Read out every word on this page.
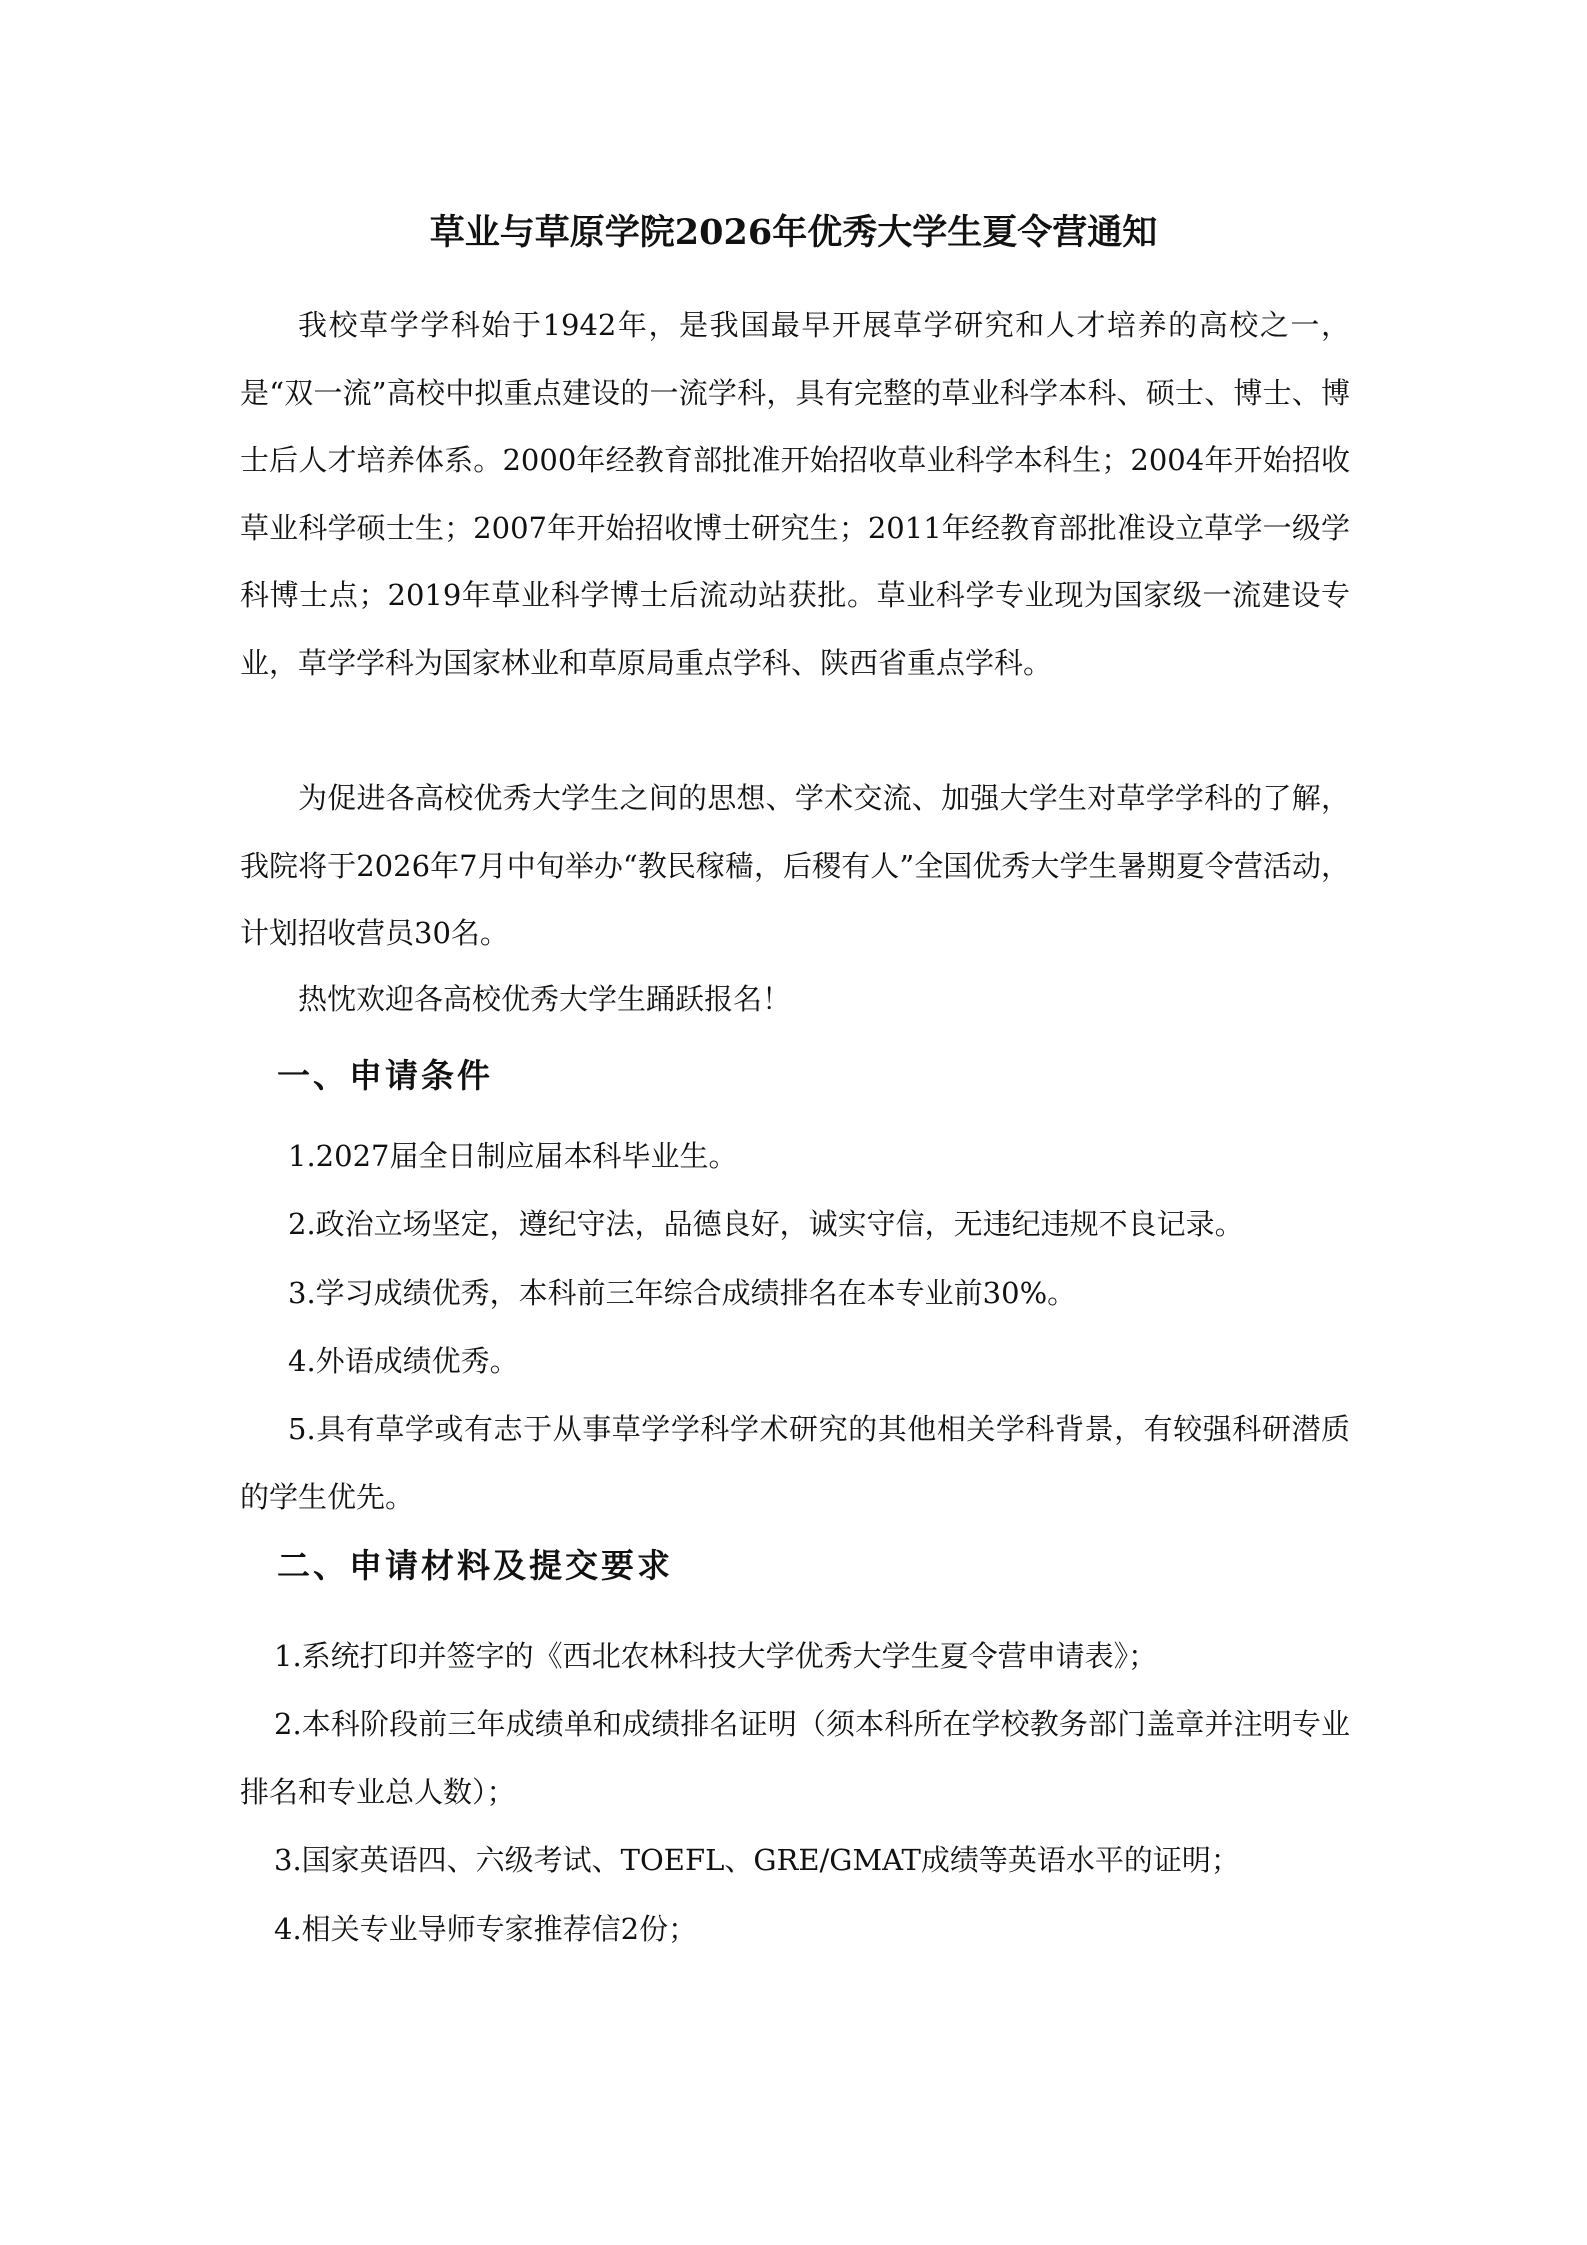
草业与草原学院2026年优秀大学生夏令营通知

我校草学学科始于1942年，是我国最早开展草学研究和人才培养的高校之一，是“双一流”高校中拟重点建设的一流学科，具有完整的草业科学本科、硕士、博士、博士后人才培养体系。2000年经教育部批准开始招收草业科学本科生；2004年开始招收草业科学硕士生；2007年开始招收博士研究生；2011年经教育部批准设立草学一级学科博士点；2019年草业科学博士后流动站获批。草业科学专业现为国家级一流建设专业，草学学科为国家林业和草原局重点学科、陕西省重点学科。

为促进各高校优秀大学生之间的思想、学术交流、加强大学生对草学学科的了解，我院将于2026年7月中旬举办“教民稼穑，后稷有人”全国优秀大学生暑期夏令营活动，计划招收营员30名。

热忱欢迎各高校优秀大学生踊跃报名！

一、申请条件

1.2027届全日制应届本科毕业生。

2.政治立场坚定，遵纪守法，品德良好，诚实守信，无违纪违规不良记录。

3.学习成绩优秀，本科前三年综合成绩排名在本专业前30%。

4.外语成绩优秀。

5.具有草学或有志于从事草学学科学术研究的其他相关学科背景，有较强科研潜质的学生优先。

二、申请材料及提交要求

1.系统打印并签字的《西北农林科技大学优秀大学生夏令营申请表》；

2.本科阶段前三年成绩单和成绩排名证明（须本科所在学校教务部门盖章并注明专业排名和专业总人数）；

3.国家英语四、六级考试、TOEFL、GRE/GMAT成绩等英语水平的证明；

4.相关专业导师专家推荐信2份；
